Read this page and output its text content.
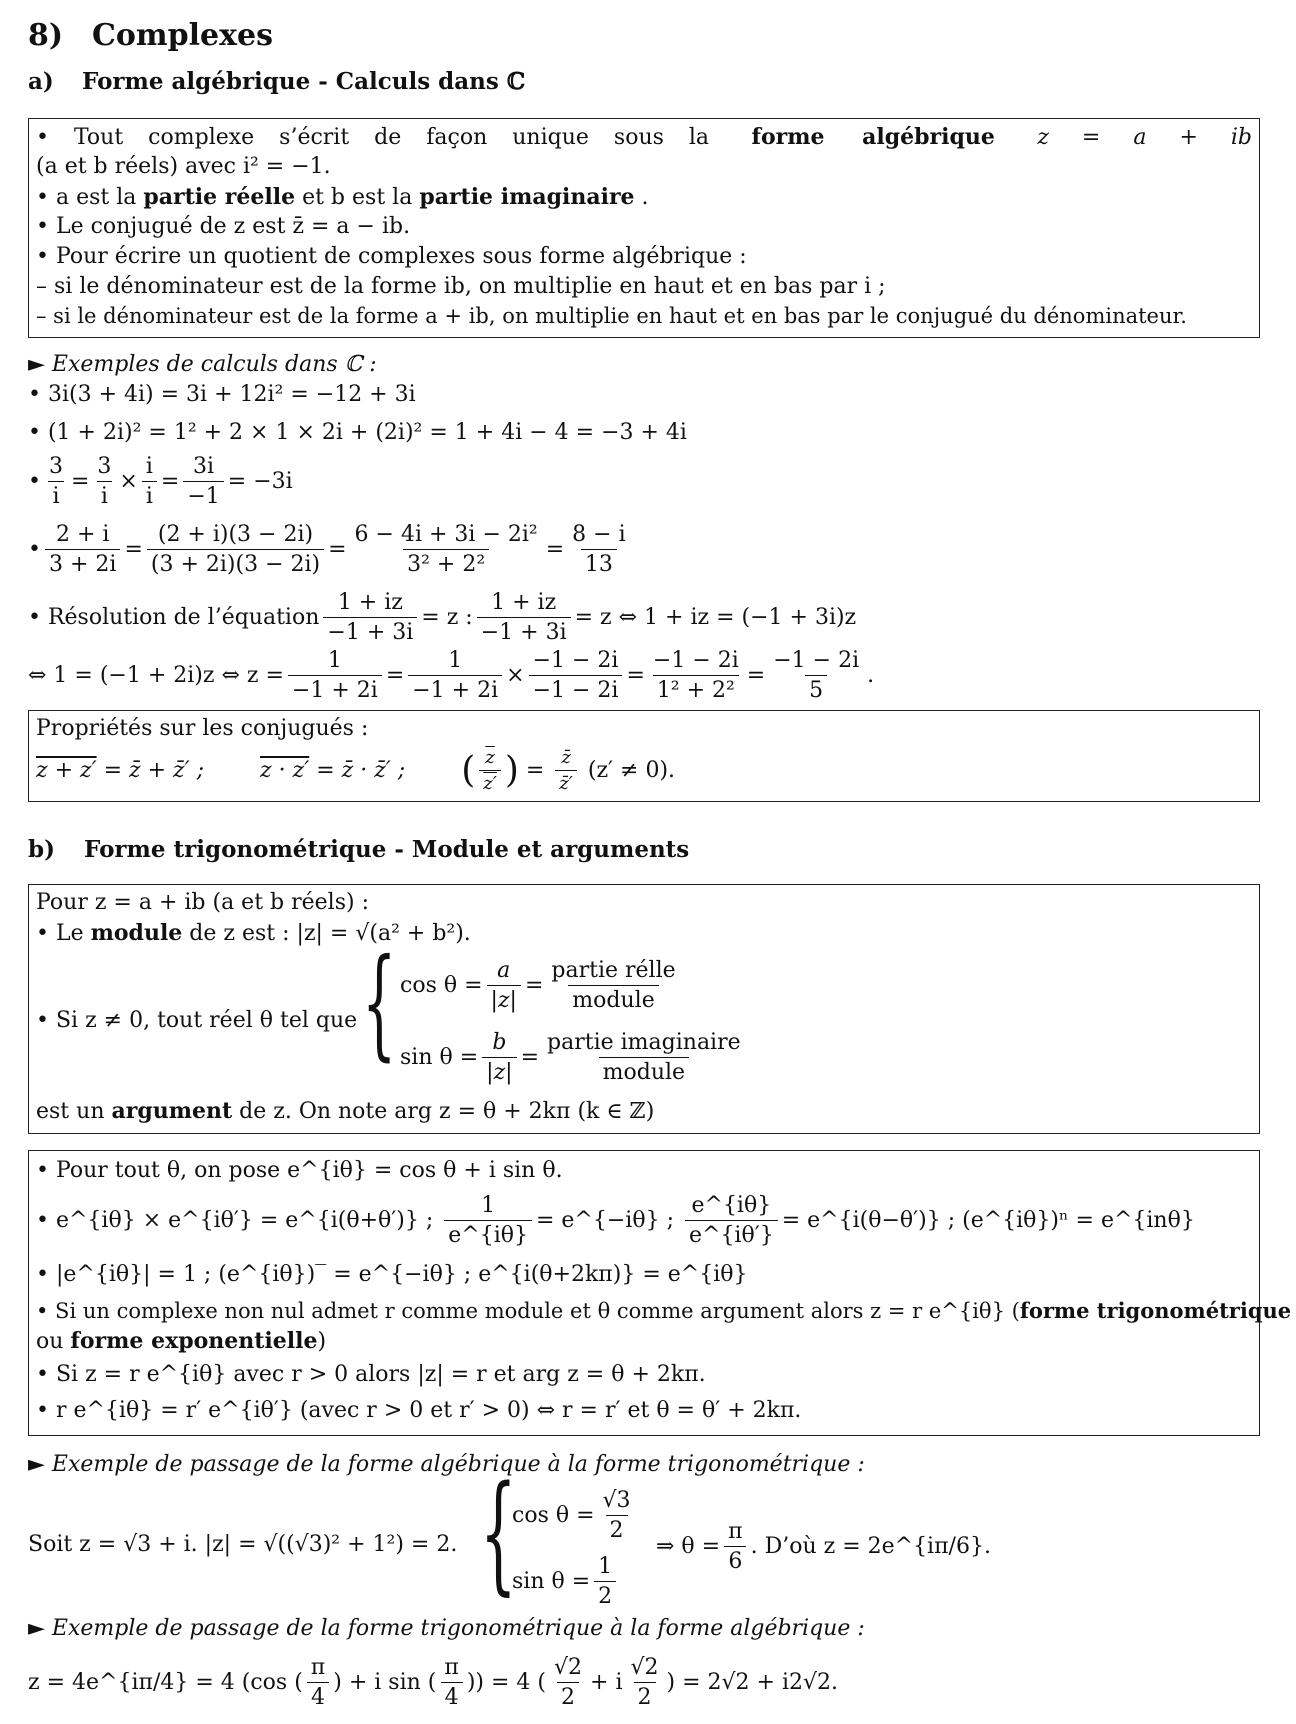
8) Complexes
a) Forme algébrique - Calculs dans ℂ
• Tout complexe s’écrit de façon unique sous la forme algébrique z = a + ib
(a et b réels) avec i² = −1.
• a est la
partie réelle
et b est la
partie imaginaire
.
• Le conjugué de z est z̄ = a − ib.
• Pour écrire un quotient de complexes sous forme algébrique :
– si le dénominateur est de la forme ib, on multiplie en haut et en bas par i ;
– si le dénominateur est de la forme a + ib, on multiplie en haut et en bas par le conjugué du dénominateur.
► Exemples de calculs dans ℂ :
• 3i(3 + 4i) = 3i + 12i² = −12 + 3i
• (1 + 2i)² = 1² + 2 × 1 × 2i + (2i)² = 1 + 4i − 4 = −3 + 4i
• $\frac{3}{i} = \frac{3}{i} \times \frac{i}{i} = \frac{3i}{-1} = -3i$
• $\frac{2 + i}{3 + 2i} = \frac{(2 + i)(3 - 2i)}{(3 + 2i)(3 - 2i)} = \frac{\text{6 − 4i + 3i − 2i²}}{\text{3² + 2²}} = \frac{8 - i}{13}$
• Résolution de l’équation $\frac{1 + iz}{-1 + 3i} = z$ : $\frac{1 + iz}{-1 + 3i} = z$ ⇔ 1 + iz = (−1 + 3i)z
⇔ 1 = (−1 + 2i)z ⇔ $z = \frac{1}{-1 + 2i} = \frac{1}{-1 + 2i} \times \frac{-1 - 2i}{-1 - 2i} = \frac{-1 - 2i}{\text{1² + 2²}} = \frac{-1 - 2i}{5}$ .
Propriétés sur les conjugués :
z + z′
= z̄ + z̄′ ;	z · z′
= z̄ · z̄′ ; ( $\frac{z}{z'}$ ) = $\frac{z̄}{z̄'}$
(z′ ≠ 0).
b) Forme trigonométrique - Module et arguments
Pour z = a + ib (a et b réels) :
• Le
module
de z est : |z| = √(a² + b²).
• Si z ≠ 0, tout réel θ tel que { $\cos \theta = \frac{a}{|z|} = \frac{\text{partie rélle}}{\text{module}}$
$\sin \theta = \frac{b}{|z|} = \frac{\text{partie imaginaire}}{\text{module}}$
est un
argument
de z. On note arg z = θ + 2kπ (k ∈ ℤ)
• Pour tout θ, on pose e^{iθ} = cos θ + i sin θ.
• e^{iθ} × e^{iθ′} = e^{i(θ+θ′)} ;
$\frac{1}{e\^{}\{i\theta\}}$ = e^{−iθ} ;
$\frac{e\^{}\{i\theta\}}{e\^{}\{i\theta'\}}$ = e^{i(θ−θ′)} ; (e^{iθ})ⁿ = e^{inθ}
• |e^{iθ}| = 1 ; (e^{iθ})‾ = e^{−iθ} ; e^{i(θ+2kπ)} = e^{iθ}
• Si un complexe non nul admet r comme module et θ comme argument alors z = r e^{iθ} ( forme trigonométrique
ou
forme exponentielle )
• Si z = r e^{iθ} avec r > 0 alors |z| = r et arg z = θ + 2kπ.
• r e^{iθ} = r′ e^{iθ′} (avec r > 0 et r′ > 0) ⇔ r = r′ et θ = θ′ + 2kπ.
► Exemple de passage de la forme algébrique à la forme trigonométrique :
Soit z = √3 + i. |z| = √((√3)² + 1²) = 2. {
$\cos \theta = \frac{√3}{2}$
$\sin \theta = \frac{1}{2}$
⇒ $\theta = \frac{\pi}{6}$ . D’où z = 2e^{iπ/6}.
► Exemple de passage de la forme trigonométrique à la forme algébrique :
z = 4e^{iπ/4} = 4 (cos ( $\frac{\pi}{4}$ ) + i sin ( $\frac{\pi}{4}$ )) = 4 ( $\frac{√2}{2} + i \frac{√2}{2}$ ) = 2√2 + i2√2.
